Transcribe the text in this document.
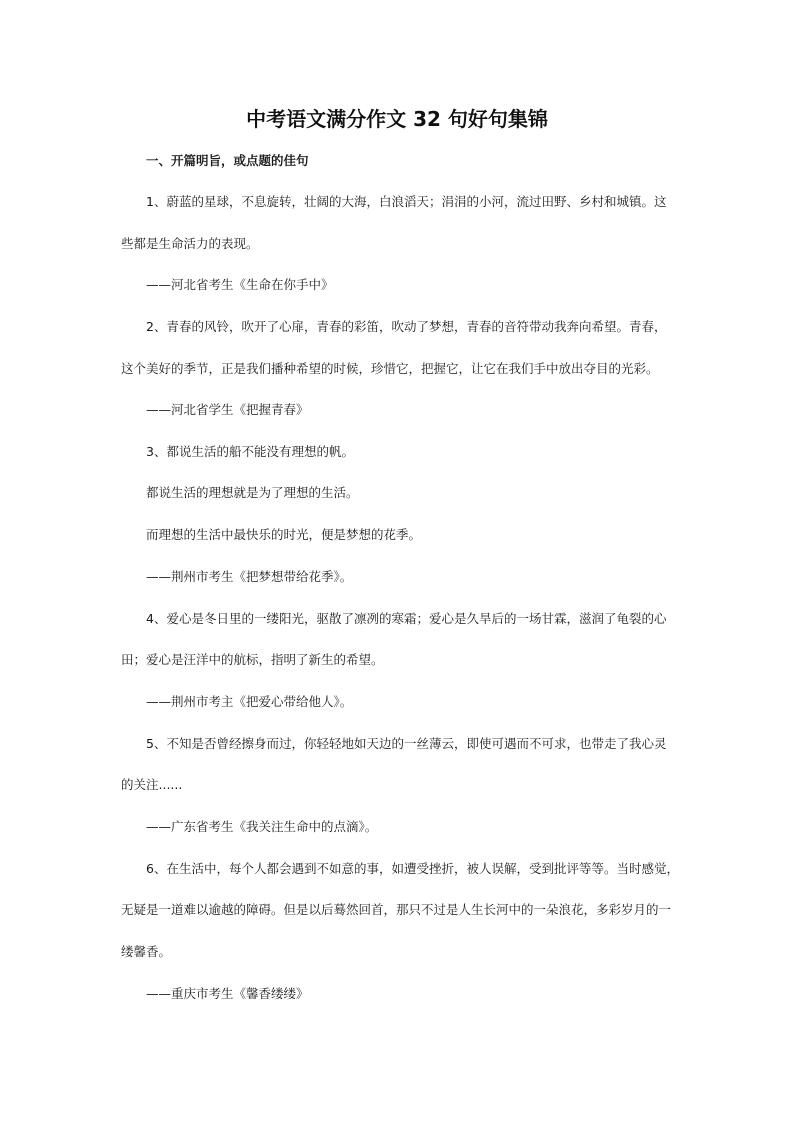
中考语文满分作文 32 句好句集锦
一、开篇明旨，或点题的佳句
1、蔚蓝的星球，不息旋转，壮阔的大海，白浪滔天；涓涓的小河，流过田野、乡村和城镇。这
些都是生命活力的表现。
——河北省考生《生命在你手中》
2、青春的风铃，吹开了心扉，青春的彩笛，吹动了梦想，青春的音符带动我奔向希望。青春，
这个美好的季节，正是我们播种希望的时候，珍惜它，把握它，让它在我们手中放出夺目的光彩。
——河北省学生《把握青春》
3、都说生活的船不能没有理想的帆。
都说生活的理想就是为了理想的生活。
而理想的生活中最快乐的时光，便是梦想的花季。
——荆州市考生《把梦想带给花季》。
4、爱心是冬日里的一缕阳光，驱散了凛冽的寒霜；爱心是久旱后的一场甘霖，滋润了龟裂的心
田；爱心是汪洋中的航标，指明了新生的希望。
——荆州市考主《把爱心带给他人》。
5、不知是否曾经擦身而过，你轻轻地如天边的一丝薄云，即使可遇而不可求，也带走了我心灵
的关注......
——广东省考生《我关注生命中的点滴》。
6、在生活中，每个人都会遇到不如意的事，如遭受挫折，被人误解，受到批评等等。当时感觉，
无疑是一道难以逾越的障碍。但是以后蓦然回首，那只不过是人生长河中的一朵浪花，多彩岁月的一
缕馨香。
——重庆市考生《馨香缕缕》
